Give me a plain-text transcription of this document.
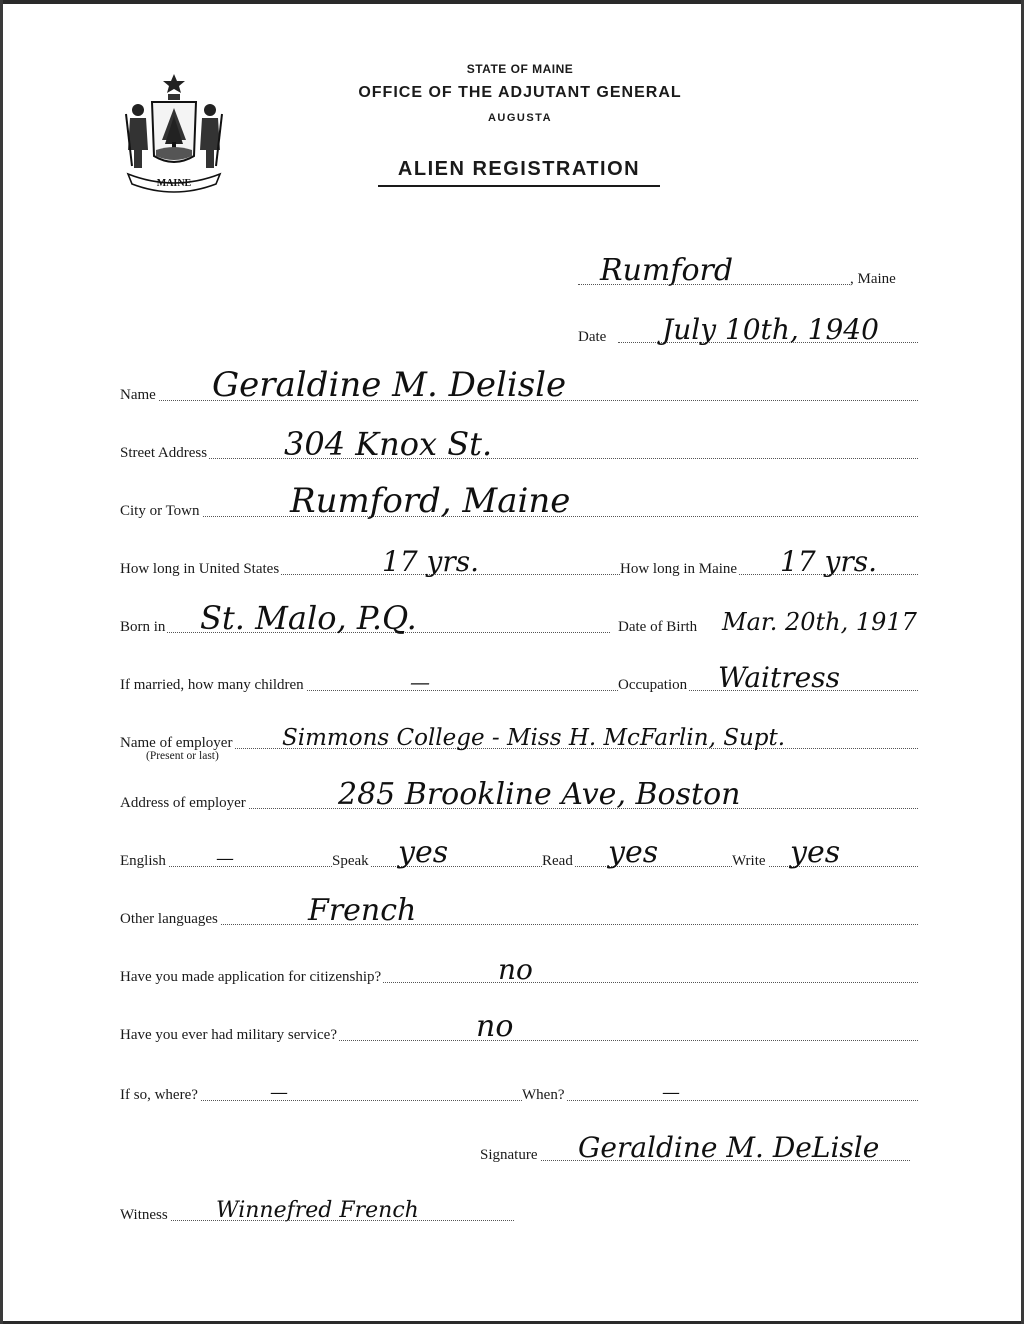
MAINE
STATE OF MAINE
OFFICE OF THE ADJUTANT GENERAL
AUGUSTA
ALIEN REGISTRATION
Rumford	, Maine
Date July 10th, 1940
Name Geraldine M. Delisle
Street Address 304 Knox St.
City or Town	Rumford, Maine
How long in United States	17 yrs.	How long in Maine 17 yrs.
Born in St. Malo, P.Q.	Date of Birth Mar. 20th, 1917
If married, how many children	—	Occupation Waitress
Name of employer Simmons College - Miss H. McFarlin, Supt.
(Present or last)
Address of employer	285 Brookline Ave, Boston
English	—	Speak yes	Read yes	Write yes
Other languages	French
Have you made application for citizenship?	no
Have you ever had military service?	no
If so, where?	—	When?	—
Signature Geraldine M. DeLisle
Witness Winnefred French
